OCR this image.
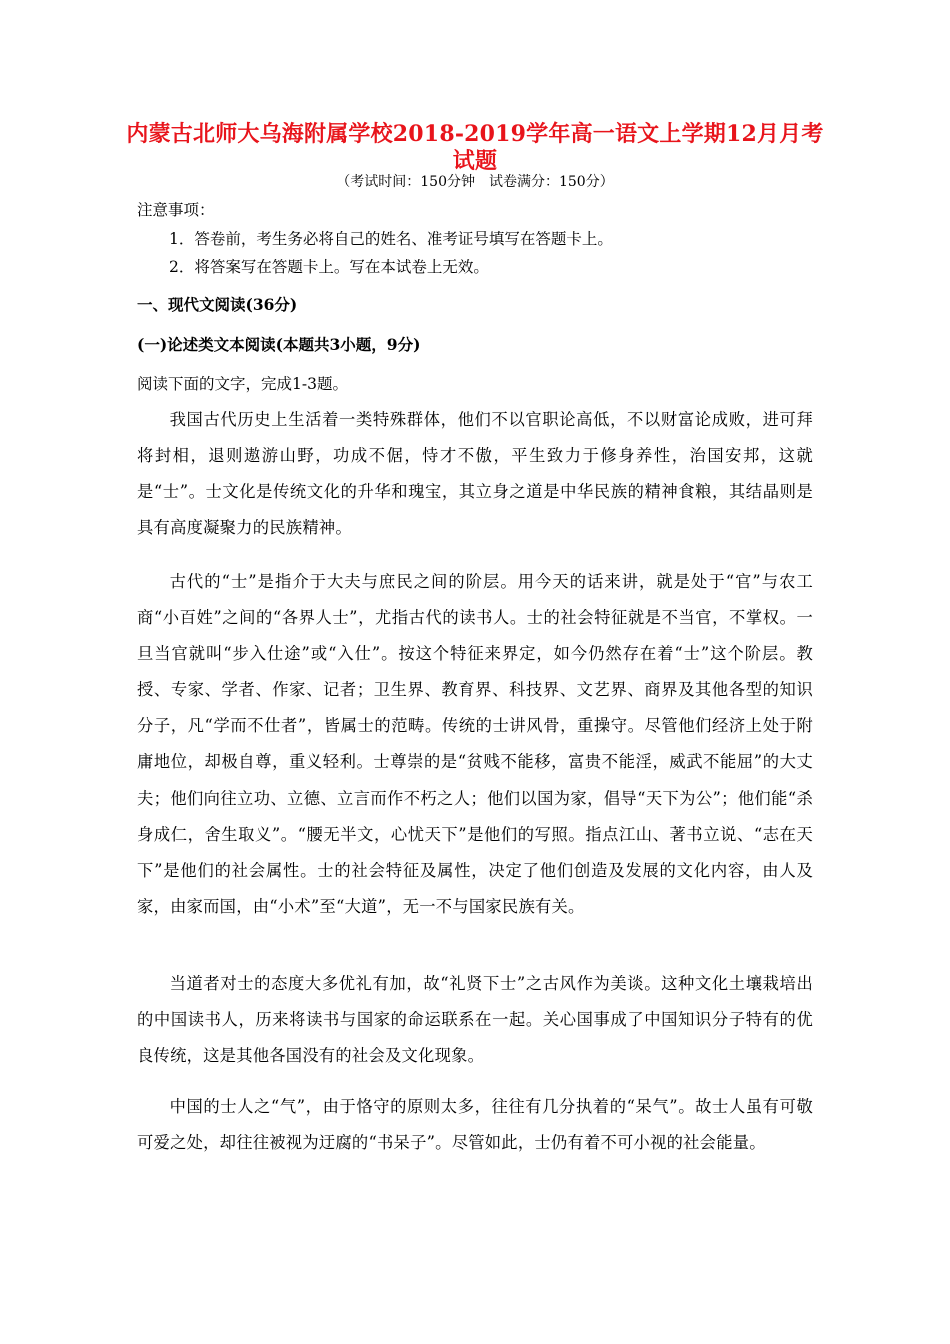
内蒙古北师大乌海附属学校2018-2019学年高一语文上学期12月月考试题
（考试时间：150分钟　试卷满分：150分）
注意事项：
1．答卷前，考生务必将自己的姓名、准考证号填写在答题卡上。
2．将答案写在答题卡上。写在本试卷上无效。
一、现代文阅读(36分)
(一)论述类文本阅读(本题共3小题，9分)
阅读下面的文字，完成1-3题。
我国古代历史上生活着一类特殊群体，他们不以官职论高低，不以财富论成败，进可拜将封相，退则遨游山野，功成不倨，恃才不傲，平生致力于修身养性，治国安邦，这就是“士”。士文化是传统文化的升华和瑰宝，其立身之道是中华民族的精神食粮，其结晶则是具有高度凝聚力的民族精神。
古代的“士”是指介于大夫与庶民之间的阶层。用今天的话来讲，就是处于“官”与农工商“小百姓”之间的“各界人士”，尤指古代的读书人。士的社会特征就是不当官，不掌权。一旦当官就叫“步入仕途”或“入仕”。按这个特征来界定，如今仍然存在着“士”这个阶层。教授、专家、学者、作家、记者；卫生界、教育界、科技界、文艺界、商界及其他各型的知识分子，凡“学而不仕者”，皆属士的范畴。传统的士讲风骨，重操守。尽管他们经济上处于附庸地位，却极自尊，重义轻利。士尊崇的是“贫贱不能移，富贵不能淫，威武不能屈”的大丈夫；他们向往立功、立德、立言而作不朽之人；他们以国为家，倡导“天下为公”；他们能“杀身成仁，舍生取义”。“腰无半文，心忧天下”是他们的写照。指点江山、著书立说、“志在天下”是他们的社会属性。士的社会特征及属性，决定了他们创造及发展的文化内容，由人及家，由家而国，由“小术”至“大道”，无一不与国家民族有关。
当道者对士的态度大多优礼有加，故“礼贤下士”之古风作为美谈。这种文化土壤栽培出的中国读书人，历来将读书与国家的命运联系在一起。关心国事成了中国知识分子特有的优良传统，这是其他各国没有的社会及文化现象。
中国的士人之“气”，由于恪守的原则太多，往往有几分执着的“呆气”。故士人虽有可敬可爱之处，却往往被视为迂腐的“书呆子”。尽管如此，士仍有着不可小视的社会能量。
